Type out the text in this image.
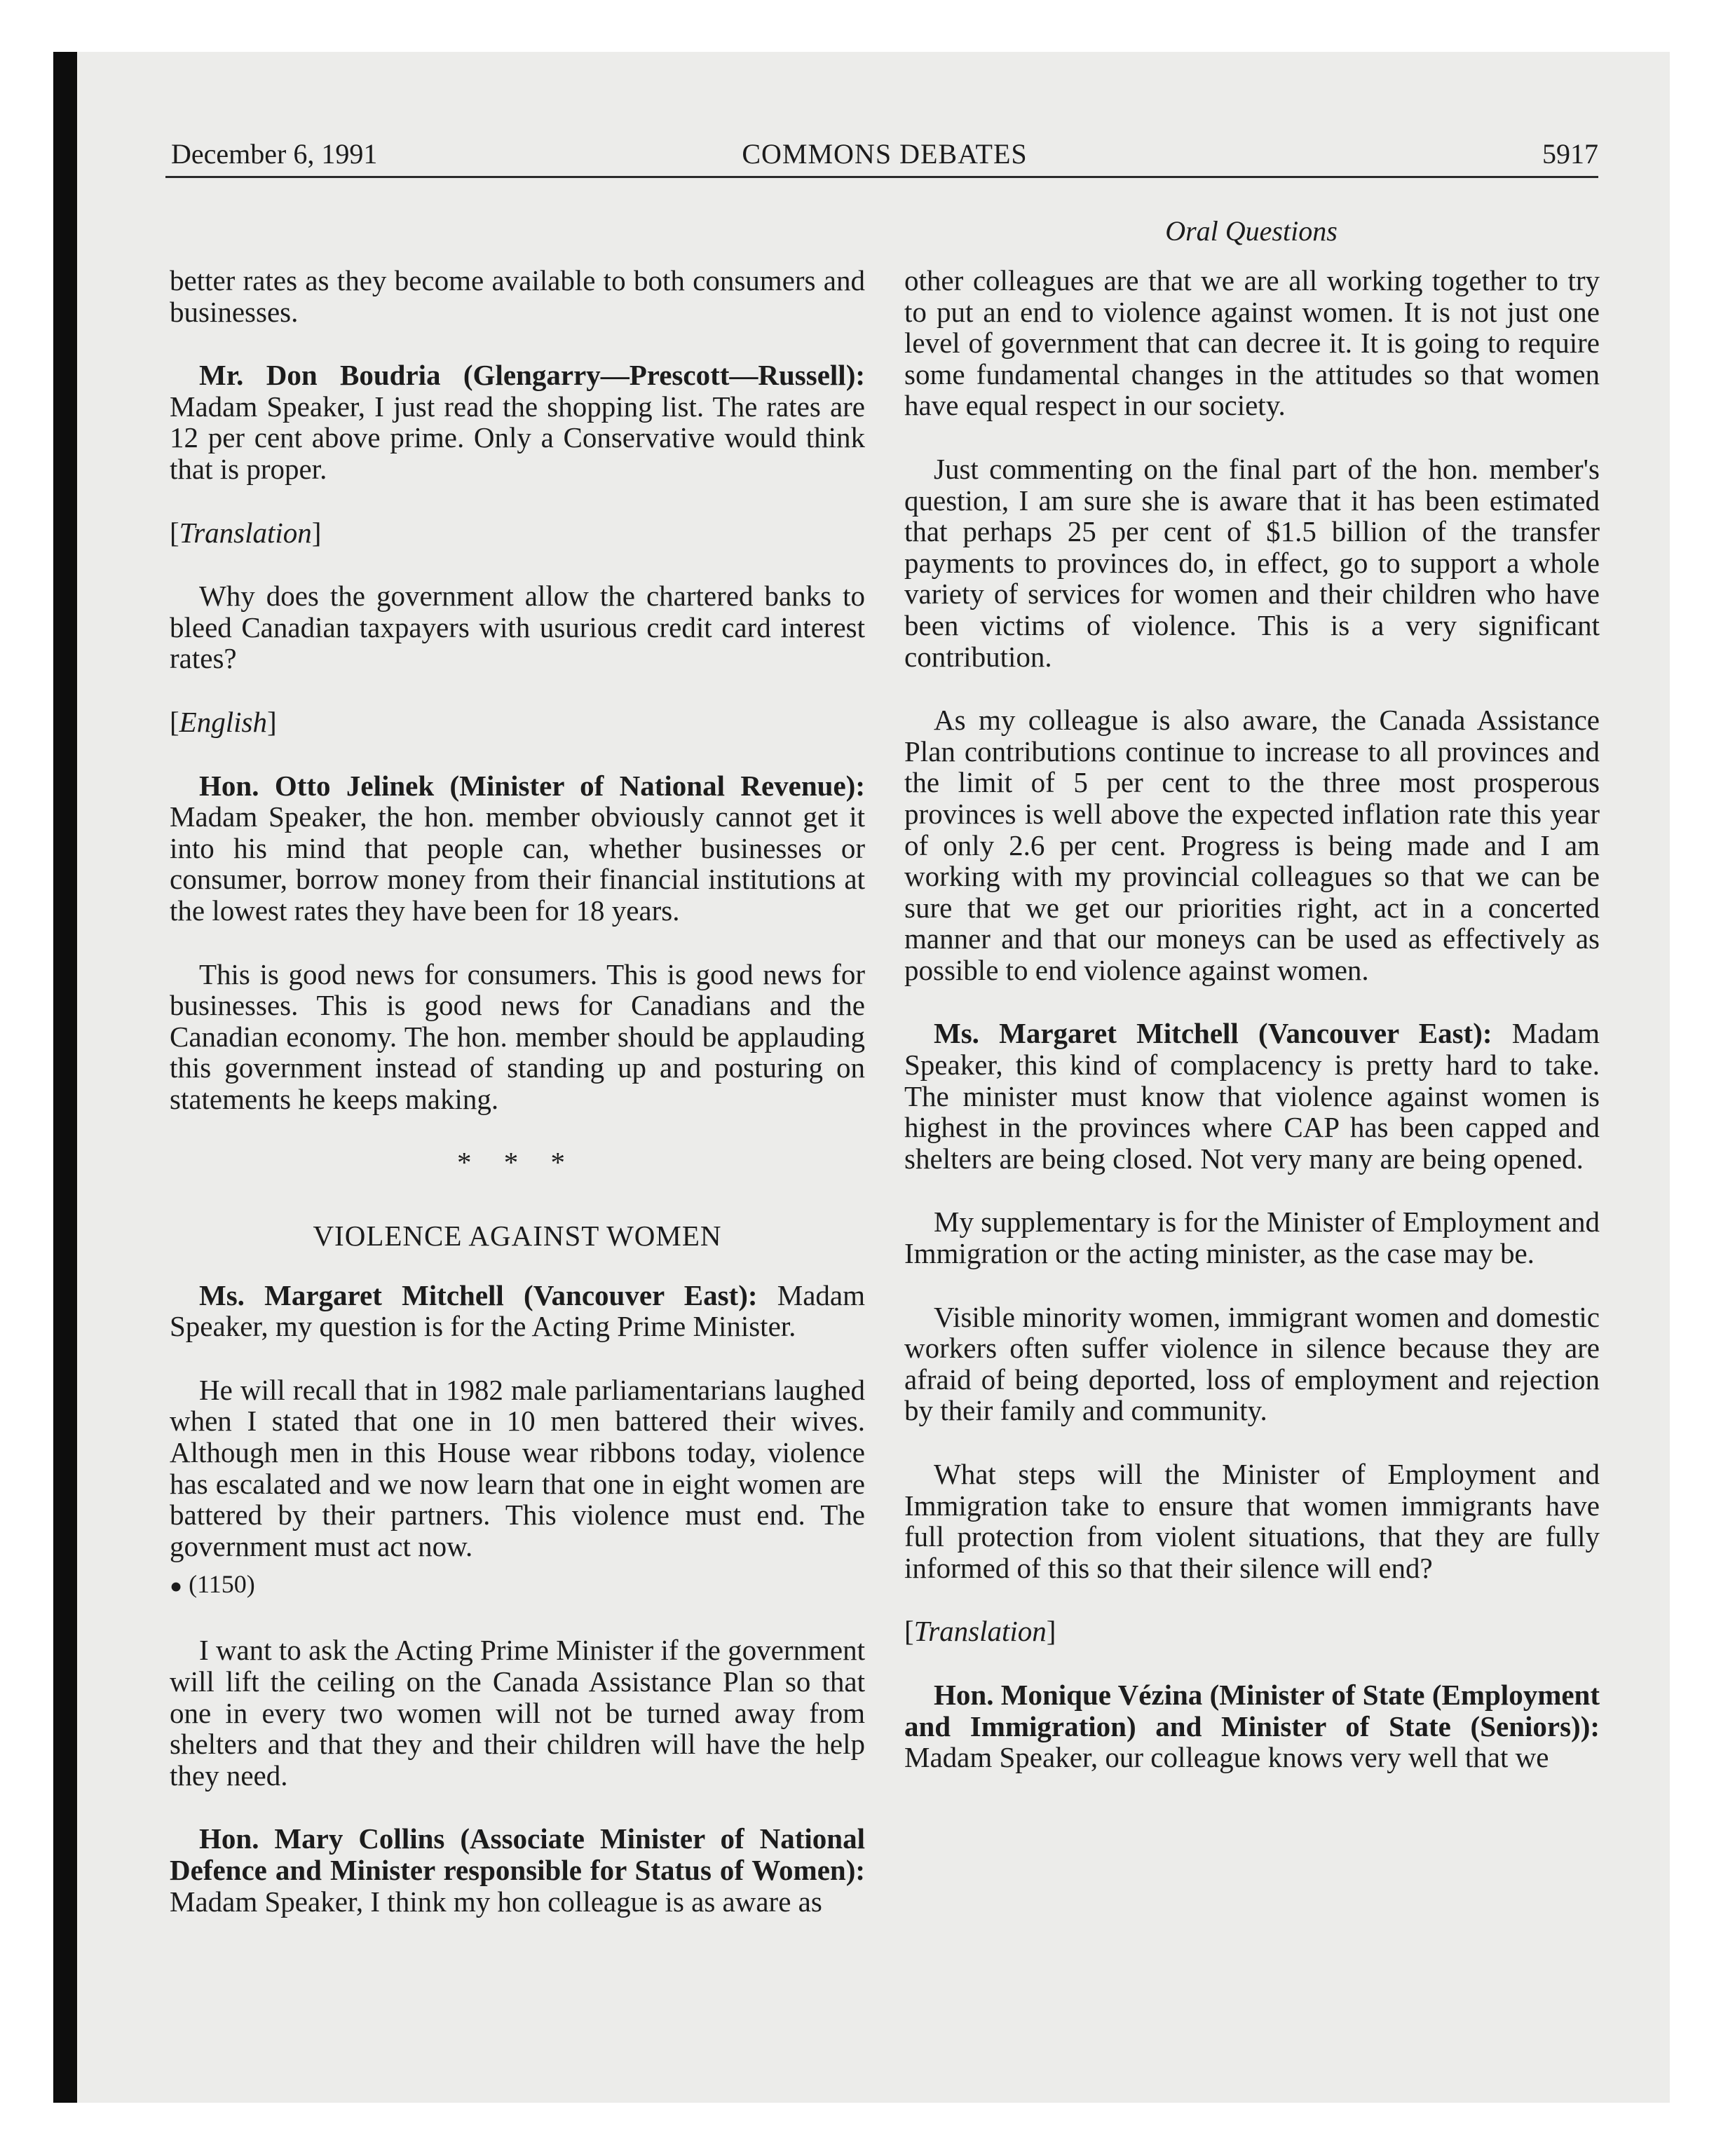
December 6, 1991	COMMONS DEBATES	5917
Oral Questions

better rates as they become available to both consumers and businesses.

Mr. Don Boudria (Glengarry—Prescott—Russell): Madam Speaker, I just read the shopping list. The rates are 12 per cent above prime. Only a Conservative would think that is proper.

[Translation]

Why does the government allow the chartered banks to bleed Canadian taxpayers with usurious credit card interest rates?

[English]

Hon. Otto Jelinek (Minister of National Revenue): Madam Speaker, the hon. member obviously cannot get it into his mind that people can, whether businesses or consumer, borrow money from their financial institutions at the lowest rates they have been for 18 years.

This is good news for consumers. This is good news for businesses. This is good news for Canadians and the Canadian economy. The hon. member should be applauding this government instead of standing up and posturing on statements he keeps making.

* * *
VIOLENCE AGAINST WOMEN

Ms. Margaret Mitchell (Vancouver East): Madam Speaker, my question is for the Acting Prime Minister.

He will recall that in 1982 male parliamentarians laughed when I stated that one in 10 men battered their wives. Although men in this House wear ribbons today, violence has escalated and we now learn that one in eight women are battered by their partners. This violence must end. The government must act now.

● (1150)

I want to ask the Acting Prime Minister if the government will lift the ceiling on the Canada Assistance Plan so that one in every two women will not be turned away from shelters and that they and their children will have the help they need.

Hon. Mary Collins (Associate Minister of National Defence and Minister responsible for Status of Women): Madam Speaker, I think my hon colleague is as aware as

other colleagues are that we are all working together to try to put an end to violence against women. It is not just one level of government that can decree it. It is going to require some fundamental changes in the attitudes so that women have equal respect in our society.

Just commenting on the final part of the hon. member's question, I am sure she is aware that it has been estimated that perhaps 25 per cent of $1.5 billion of the transfer payments to provinces do, in effect, go to support a whole variety of services for women and their children who have been victims of violence. This is a very significant contribution.

As my colleague is also aware, the Canada Assistance Plan contributions continue to increase to all provinces and the limit of 5 per cent to the three most prosperous provinces is well above the expected inflation rate this year of only 2.6 per cent. Progress is being made and I am working with my provincial colleagues so that we can be sure that we get our priorities right, act in a concerted manner and that our moneys can be used as effectively as possible to end violence against women.

Ms. Margaret Mitchell (Vancouver East): Madam Speaker, this kind of complacency is pretty hard to take. The minister must know that violence against women is highest in the provinces where CAP has been capped and shelters are being closed. Not very many are being opened.

My supplementary is for the Minister of Employment and Immigration or the acting minister, as the case may be.

Visible minority women, immigrant women and domestic workers often suffer violence in silence because they are afraid of being deported, loss of employment and rejection by their family and community.

What steps will the Minister of Employment and Immigration take to ensure that women immigrants have full protection from violent situations, that they are fully informed of this so that their silence will end?

[Translation]

Hon. Monique Vézina (Minister of State (Employment and Immigration) and Minister of State (Seniors)): Madam Speaker, our colleague knows very well that we
